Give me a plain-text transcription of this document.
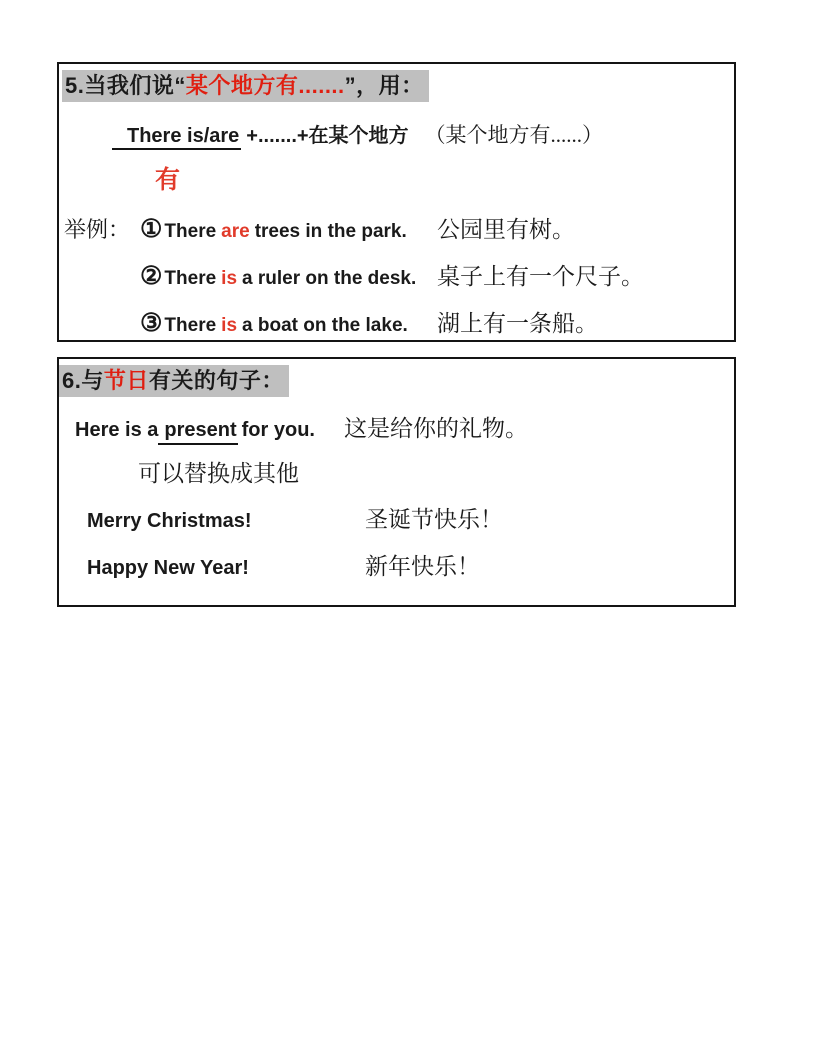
5.当我们说“某个地方有.......”，用：
There is/are +.......+在某个地方 （某个地方有......）
有
举例： ① There are trees in the park.	公园里有树。
② There is a ruler on the desk. 桌子上有一个尺子。
③ There is a boat on the lake.	湖上有一条船。
6.与节日有关的句子：
Here is a present for you.	这是给你的礼物。
可以替换成其他
Merry Christmas!	圣诞节快乐！
Happy New Year!	新年快乐！
